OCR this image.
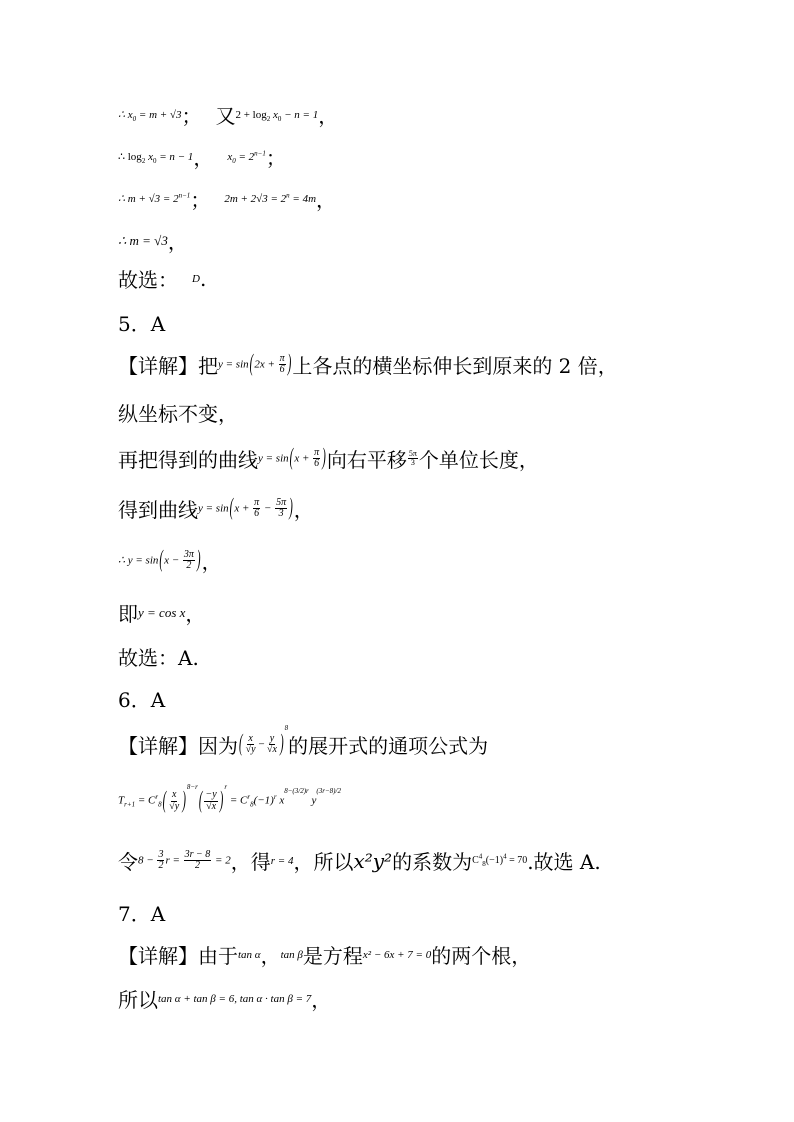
∴ $x_0 = m + √3$ ； 又 $2 + \log_2 x_0 - n = 1$ ，
∴ $\log_2 x_0 = n - 1$ ， $x_0 = 2^{n-1}$ ；
∴ $m + √3 = 2^{n-1}$ ； $2m + 2√3 = 2^n = 4m$ ，
∴ m = √3 ，
故选： D .
5．A
【详解】 把 $y = \sin(2x + \frac{\pi}{6}$ ) 上各点的横坐标伸长到原来的 2 倍，
纵坐标不变，
再把得到的曲线 $y = \sin(x + \frac{\pi}{6}$ ) 向右平移 $\frac{5\pi}{3}$ 个单位长度，
得到曲线 $y = \sin(x + \frac{\pi}{6} - \frac{5\pi}{3}$ ) ，
∴ $y = \sin(x - \frac{3\pi}{2}$ ) ，
即 y = cos x ，
故选：A.
6．A
【详解】 因为 ( $\frac{x}{√y} - \frac{y}{√x} )^8$
的展开式的通项公式为
$T_{r+1} = C^r_8( \frac{x}{√y} )^{8-r}( \frac{-y}{√x} )^r = C^r_8(-1)^r$ $x^{8-(3/2)r}$ $y^{(3r-8)/2}$
令 $8 - \frac{3}{2}$ $r = \frac{3r - 8}{2} = 2$ ，得 r = 4 ，所以 x²y² 的系数为 $C^4_8(-1)^4 = 70$ .故选 A.
7．A
【详解】 由于 tan α ， tan β 是方程 x² − 6x + 7 = 0 的两个根，
所以 tan α + tan β = 6, tan α · tan β = 7 ，
